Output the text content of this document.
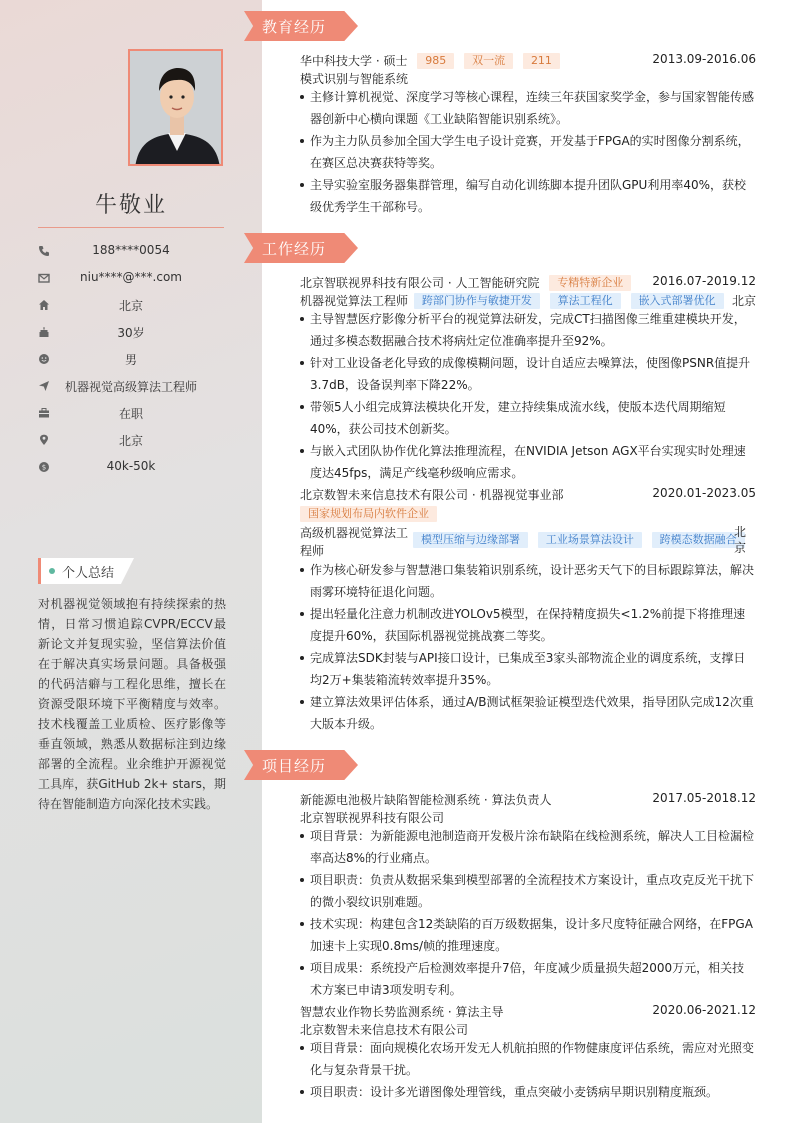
牛敬业
188****0054
niu****@***.com
北京
30岁
男
机器视觉高级算法工程师
在职
北京
$	40k-50k
个人总结
对机器视觉领域抱有持续探索的热情，日常习惯追踪CVPR/ECCV最新论文并复现实验，坚信算法价值在于解决真实场景问题。具备极强的代码洁癖与工程化思维，擅长在资源受限环境下平衡精度与效率。技术栈覆盖工业质检、医疗影像等垂直领域，熟悉从数据标注到边缘部署的全流程。业余维护开源视觉工具库，获GitHub 2k+ stars，期待在智能制造方向深化技术实践。
教育经历
华中科技大学 · 硕士 985 双一流 211	2013.09-2016.06
模式识别与智能系统
主修计算机视觉、深度学习等核心课程，连续三年获国家奖学金，参与国家智能传感器创新中心横向课题《工业缺陷智能识别系统》。
作为主力队员参加全国大学生电子设计竞赛，开发基于FPGA的实时图像分割系统，在赛区总决赛获特等奖。
主导实验室服务器集群管理，编写自动化训练脚本提升团队GPU利用率40%，获校级优秀学生干部称号。
工作经历
北京智联视界科技有限公司 · 人工智能研究院 专精特新企业	2016.07-2019.12
机器视觉算法工程师 跨部门协作与敏捷开发 算法工程化 嵌入式部署优化	北京
主导智慧医疗影像分析平台的视觉算法研发，完成CT扫描图像三维重建模块开发，通过多模态数据融合技术将病灶定位准确率提升至92%。
针对工业设备老化导致的成像模糊问题，设计自适应去噪算法，使图像PSNR值提升3.7dB，设备误判率下降22%。
带领5人小组完成算法模块化开发，建立持续集成流水线，使版本迭代周期缩短40%，获公司技术创新奖。
与嵌入式团队协作优化算法推理流程，在NVIDIA Jetson AGX平台实现实时处理速度达45fps，满足产线毫秒级响应需求。
北京数智未来信息技术有限公司 · 机器视觉事业部	2020.01-2023.05
国家规划布局内软件企业
高级机器视觉算法工
程师
模型压缩与边缘部署 工业场景算法设计 跨模态数据融合
北
京
作为核心研发参与智慧港口集装箱识别系统，设计恶劣天气下的目标跟踪算法，解决雨雾环境特征退化问题。
提出轻量化注意力机制改进YOLOv5模型，在保持精度损失<1.2%前提下将推理速度提升60%，获国际机器视觉挑战赛二等奖。
完成算法SDK封装与API接口设计，已集成至3家头部物流企业的调度系统，支撑日均2万+集装箱流转效率提升35%。
建立算法效果评估体系，通过A/B测试框架验证模型迭代效果，指导团队完成12次重大版本升级。
项目经历
新能源电池极片缺陷智能检测系统 · 算法负责人	2017.05-2018.12
北京智联视界科技有限公司
项目背景：为新能源电池制造商开发极片涂布缺陷在线检测系统，解决人工目检漏检率高达8%的行业痛点。
项目职责：负责从数据采集到模型部署的全流程技术方案设计，重点攻克反光干扰下的微小裂纹识别难题。
技术实现：构建包含12类缺陷的百万级数据集，设计多尺度特征融合网络，在FPGA加速卡上实现0.8ms/帧的推理速度。
项目成果：系统投产后检测效率提升7倍，年度减少质量损失超2000万元，相关技术方案已申请3项发明专利。
智慧农业作物长势监测系统 · 算法主导	2020.06-2021.12
北京数智未来信息技术有限公司
项目背景：面向规模化农场开发无人机航拍照的作物健康度评估系统，需应对光照变化与复杂背景干扰。
项目职责：设计多光谱图像处理管线，重点突破小麦锈病早期识别精度瓶颈。
